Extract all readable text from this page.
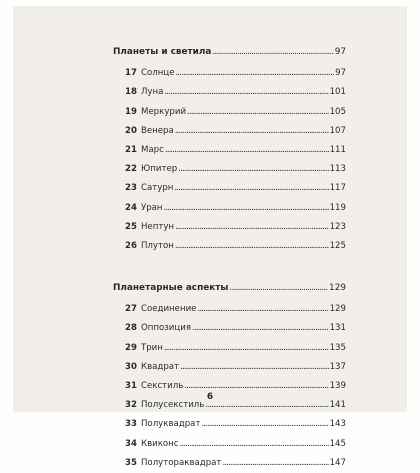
Планеты и светила . . .	97
17 Солнце . . .	97
18 Луна . . .	101
19 Меркурий . . .	105
20 Венера . . .	107
21 Марс . . .	111
22 Юпитер . . .	113
23 Сатурн . . .	117
24 Уран . . .	119
25 Нептун . . .	123
26 Плутон . . .	125
Планетарные аспекты . . .	129
27 Соединение . . .	129
28 Оппозиция . . .	131
29 Трин . . .	135
30 Квадрат . . .	137
31 Секстиль . . .	139
32 Полусекстиль . . .	141
33 Полуквадрат . . .	143
34 Квиконс . . .	145
35 Полутораквадрат . . .	147
6
